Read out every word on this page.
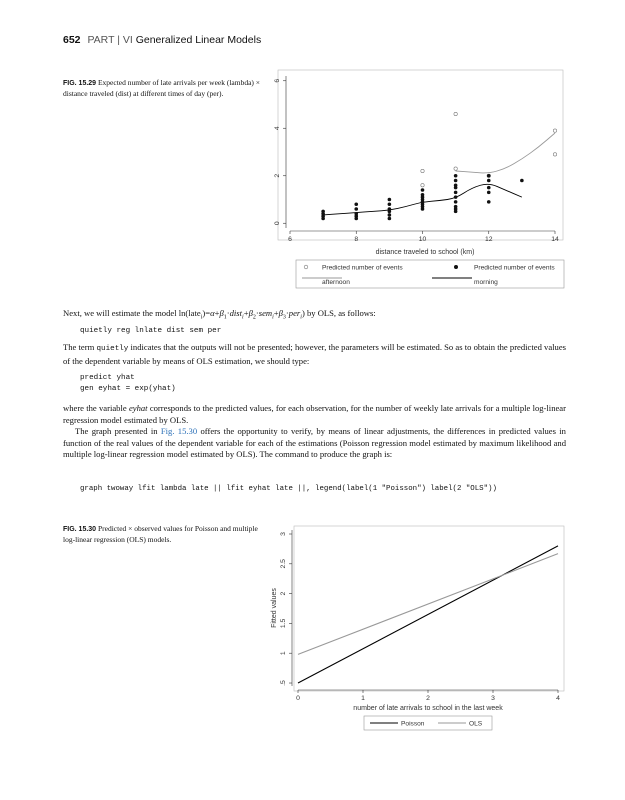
652 PART | VI Generalized Linear Models
FIG. 15.29 Expected number of late arrivals per week (lambda) × distance traveled (dist) at different times of day (per).
6	8	10	12	14
0
2
4
6
distance traveled to school (km)
Predicted number of events	Predicted number of events
afternoon	morning
Next, we will estimate the model $\ln(late_i)=\alpha+\beta_1\cdot dist_i+\beta_2\cdot sem_i+\beta_3\cdot per_i$) by OLS, as follows:
quietly reg lnlate dist sem per
The term quietly indicates that the outputs will not be presented; however, the parameters will be estimated. So as to obtain the predicted values of the dependent variable by means of OLS estimation, we should type:
predict yhat
gen eyhat = exp(yhat)
where the variable eyhat corresponds to the predicted values, for each observation, for the number of weekly late arrivals for a multiple log-linear regression model estimated by OLS.
The graph presented in Fig. 15.30 offers the opportunity to verify, by means of linear adjustments, the differences in predicted values in function of the real values of the dependent variable for each of the estimations (Poisson regression model estimated by maximum likelihood and multiple log-linear regression model estimated by OLS). The command to produce the graph is:
graph twoway lfit lambda late || lfit eyhat late ||, legend(label(1 "Poisson") label(2 "OLS"))
FIG. 15.30 Predicted × observed values for Poisson and multiple log-linear regression (OLS) models.
0	1	2	3	4
.5
1
1.5
2
2.5
3
Fitted values
number of late arrivals to school in the last week
Poisson	OLS
